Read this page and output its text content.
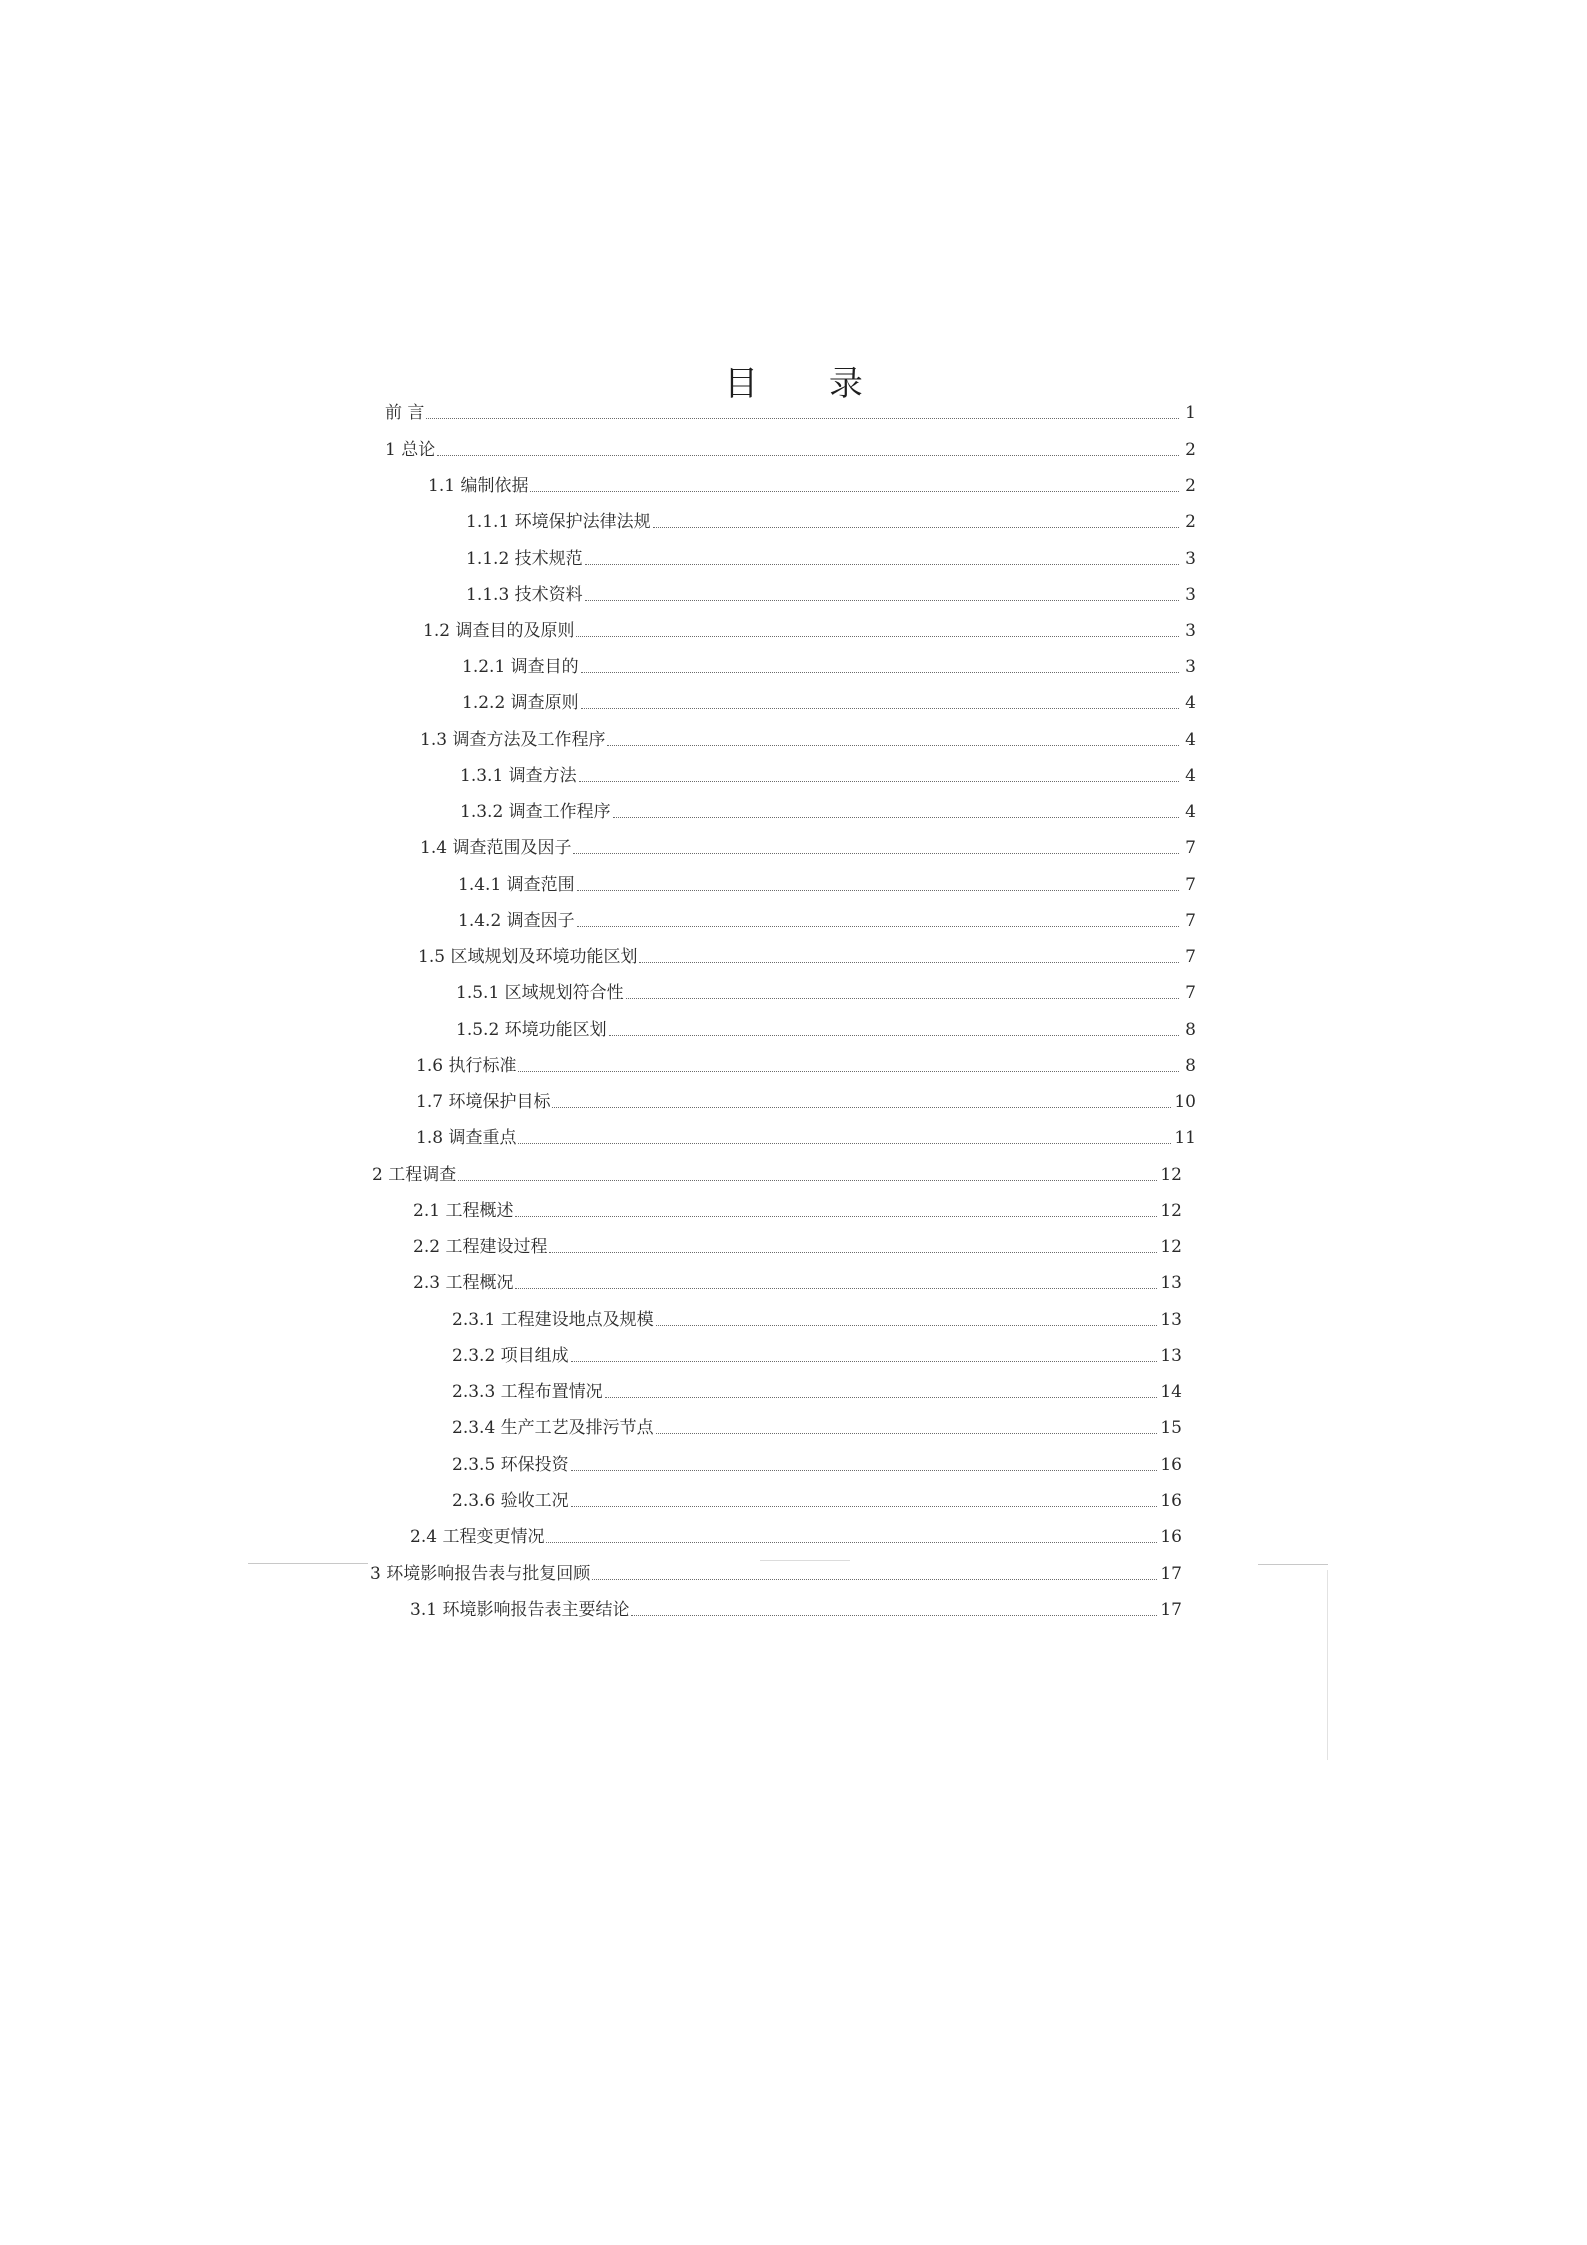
目 录
前 言	1
1 总论	2
1.1 编制依据	2
1.1.1 环境保护法律法规	2
1.1.2 技术规范	3
1.1.3 技术资料	3
1.2 调查目的及原则	3
1.2.1 调查目的	3
1.2.2 调查原则	4
1.3 调查方法及工作程序	4
1.3.1 调查方法	4
1.3.2 调查工作程序	4
1.4 调查范围及因子	7
1.4.1 调查范围	7
1.4.2 调查因子	7
1.5 区域规划及环境功能区划	7
1.5.1 区域规划符合性	7
1.5.2 环境功能区划	8
1.6 执行标准	8
1.7 环境保护目标	10
1.8 调查重点	11
2 工程调查	12
2.1 工程概述	12
2.2 工程建设过程	12
2.3 工程概况	13
2.3.1 工程建设地点及规模	13
2.3.2 项目组成	13
2.3.3 工程布置情况	14
2.3.4 生产工艺及排污节点	15
2.3.5 环保投资	16
2.3.6 验收工况	16
2.4 工程变更情况	16
3 环境影响报告表与批复回顾	17
3.1 环境影响报告表主要结论	17
